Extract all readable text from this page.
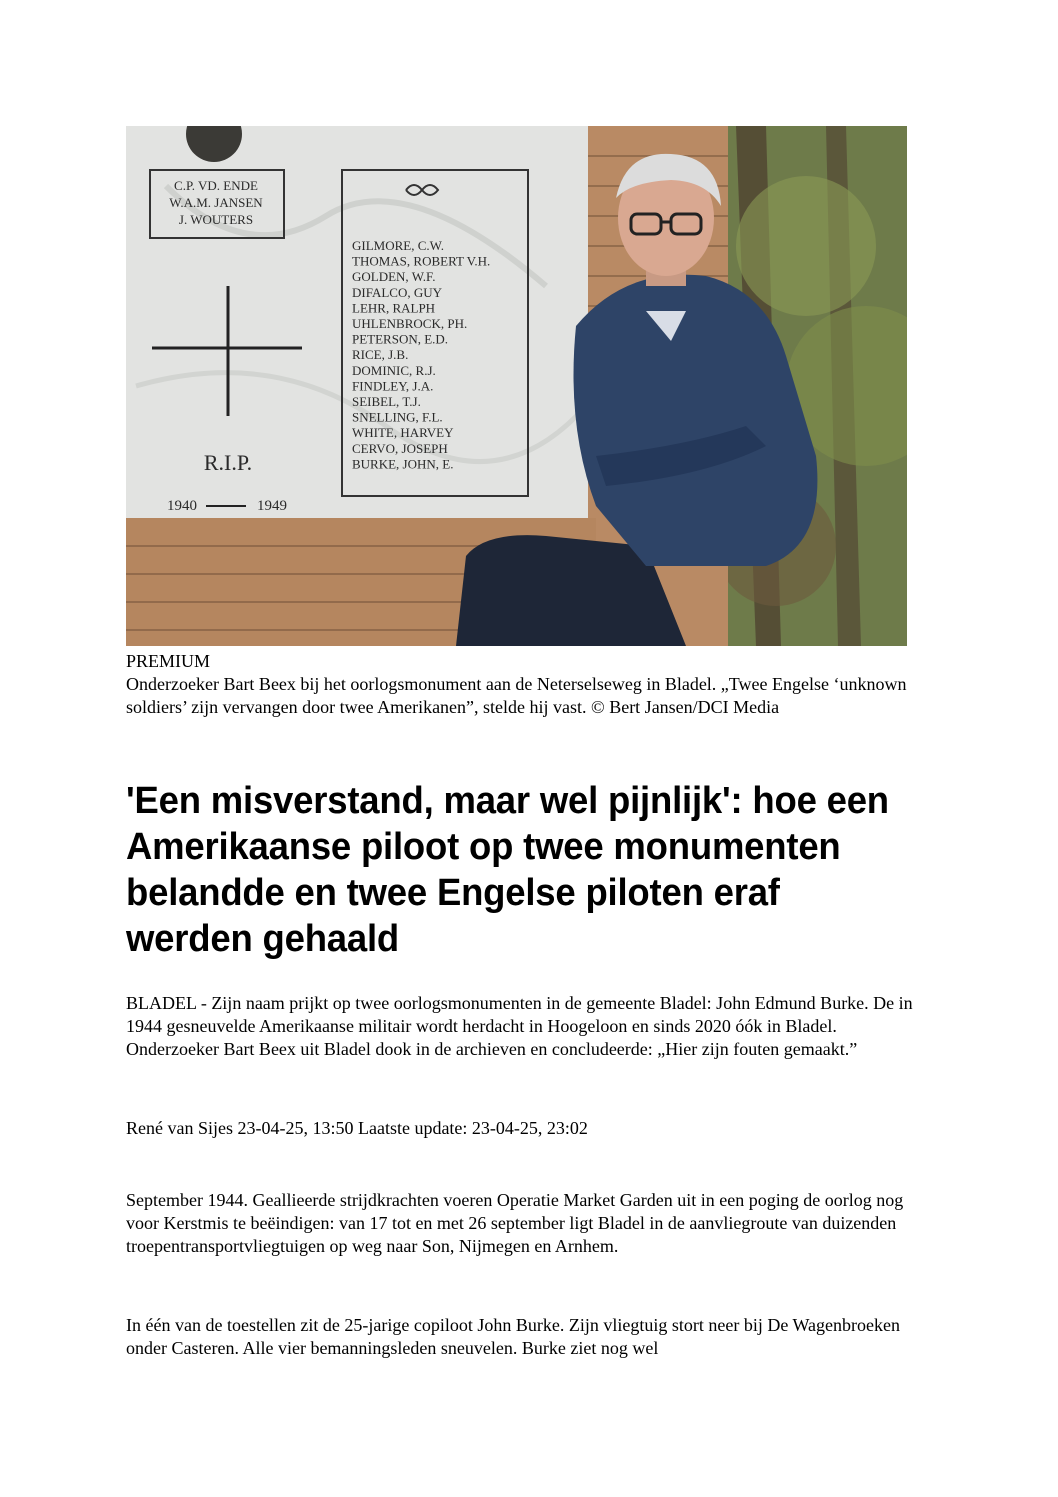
C.P. VD. ENDE
W.A.M. JANSEN
J. WOUTERS
R.I.P.
1940	1949
GILMORE, C.W.
THOMAS, ROBERT V.H.
GOLDEN, W.F.
DIFALCO, GUY
LEHR, RALPH
UHLENBROCK, PH.
PETERSON, E.D.
RICE, J.B.
DOMINIC, R.J.
FINDLEY, J.A.
SEIBEL, T.J.
SNELLING, F.L.
WHITE, HARVEY
CERVO, JOSEPH
BURKE, JOHN, E.
PREMIUM
Onderzoeker Bart Beex bij het oorlogsmonument aan de Neterselseweg in Bladel. „Twee Engelse ‘unknown soldiers’ zijn vervangen door twee Amerikanen”, stelde hij vast. © Bert Jansen/DCI Media
'Een misverstand, maar wel pijnlijk': hoe een Amerikaanse piloot op twee monumenten belandde en twee Engelse piloten eraf werden gehaald

BLADEL - Zijn naam prijkt op twee oorlogsmonumenten in de gemeente Bladel: John Edmund Burke. De in 1944 gesneuvelde Amerikaanse militair wordt herdacht in Hoogeloon en sinds 2020 óók in Bladel. Onderzoeker Bart Beex uit Bladel dook in de archieven en concludeerde: „Hier zijn fouten gemaakt.”

René van Sijes 23-04-25, 13:50 Laatste update: 23-04-25, 23:02

September 1944. Geallieerde strijdkrachten voeren Operatie Market Garden uit in een poging de oorlog nog voor Kerstmis te beëindigen: van 17 tot en met 26 september ligt Bladel in de aanvliegroute van duizenden troepentransportvliegtuigen op weg naar Son, Nijmegen en Arnhem.

In één van de toestellen zit de 25-jarige copiloot John Burke. Zijn vliegtuig stort neer bij De Wagenbroeken onder Casteren. Alle vier bemanningsleden sneuvelen. Burke ziet nog wel
